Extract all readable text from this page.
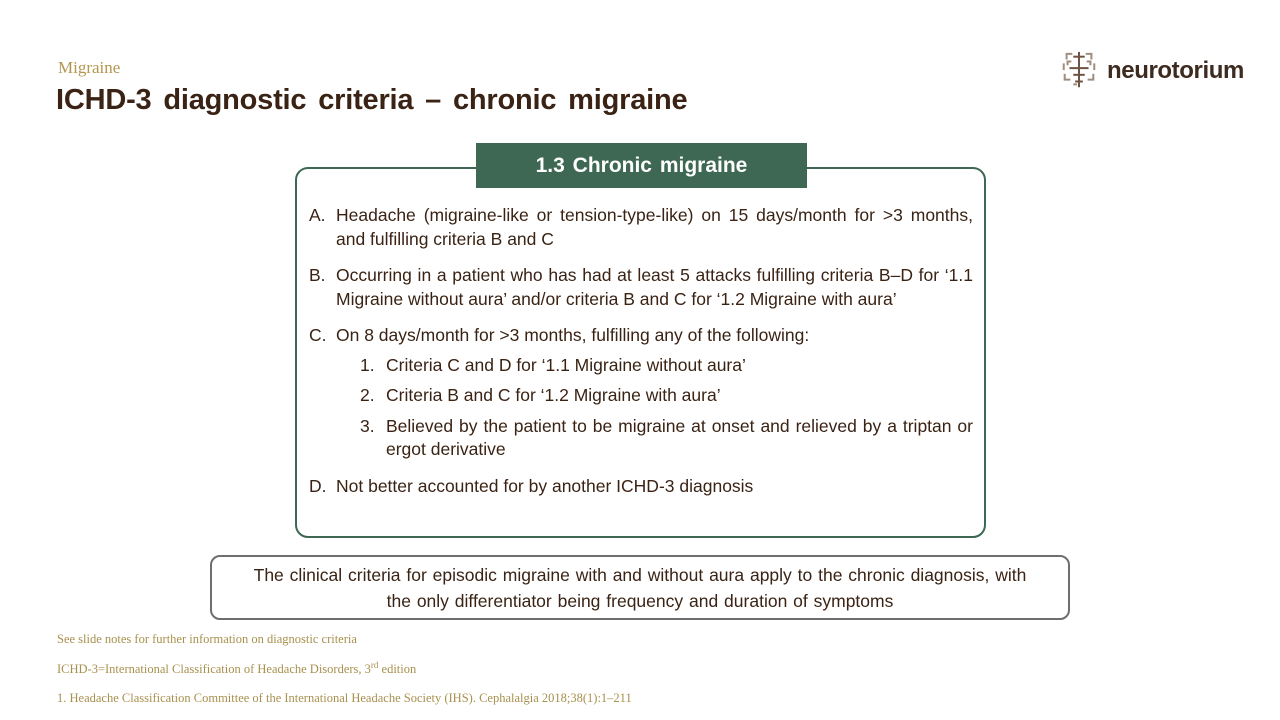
Migraine
ICHD-3 diagnostic criteria – chronic migraine
neurotorium
1.3 Chronic migraine
A. Headache (migraine-like or tension-type-like) on 15 days/month for >3 months, and fulfilling criteria B and C
B. Occurring in a patient who has had at least 5 attacks fulfilling criteria B–D for ‘1.1 Migraine without aura’ and/or criteria B and C for ‘1.2 Migraine with aura’
C. On 8 days/month for >3 months, fulfilling any of the following:
1. Criteria C and D for ‘1.1 Migraine without aura’
2. Criteria B and C for ‘1.2 Migraine with aura’
3. Believed by the patient to be migraine at onset and relieved by a triptan or ergot derivative
D. Not better accounted for by another ICHD-3 diagnosis
The clinical criteria for episodic migraine with and without aura apply to the chronic diagnosis, with the only differentiator being frequency and duration of symptoms
See slide notes for further information on diagnostic criteria
ICHD-3=International Classification of Headache Disorders, 3rd edition
1. Headache Classification Committee of the International Headache Society (IHS). Cephalalgia 2018;38(1):1–211
